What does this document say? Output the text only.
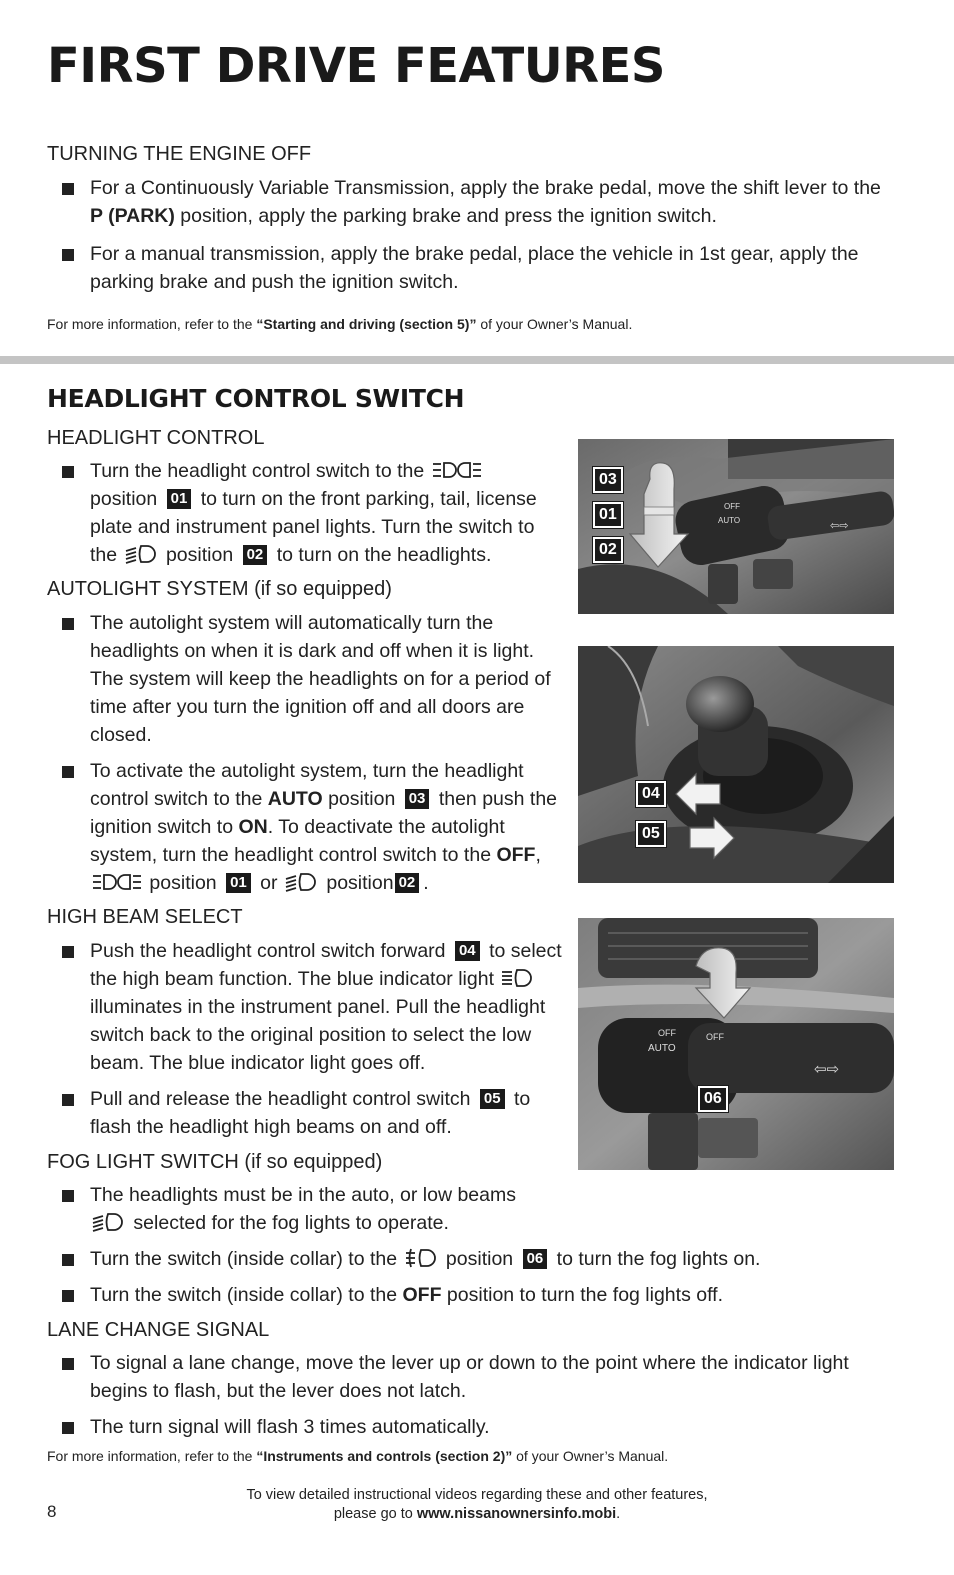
FIRST DRIVE FEATURES
TURNING THE ENGINE OFF
For a Continuously Variable Transmission, apply the brake pedal, move the shift lever to the
P (PARK) position, apply the parking brake and press the ignition switch.
For a manual transmission, apply the brake pedal, place the vehicle in 1st gear, apply the parking brake and push the ignition switch.
For more information, refer to the “Starting and driving (section 5)” of your Owner’s Manual.
HEADLIGHT CONTROL SWITCH
HEADLIGHT CONTROL
Turn the headlight control switch to the
position 01 to turn on the front parking, tail, license plate and instrument panel lights. Turn the switch to the	position 02 to turn on the headlights.
AUTOLIGHT SYSTEM (if so equipped)
The autolight system will automatically turn the headlights on when it is dark and off when it is light. The system will keep the headlights on for a period of time after you turn the ignition off and all doors are closed.
To activate the autolight system, turn the headlight control switch to the AUTO position 03 then push the ignition switch to ON. To deactivate the autolight system, turn the headlight control switch to the OFF,  position 01 or	position 02 .
HIGH BEAM SELECT
Push the headlight control switch forward 04 to select the high beam function. The blue indicator light  illuminates in the instrument panel. Pull the headlight switch back to the original position to select the low beam. The blue indicator light goes off.
Pull and release the headlight control switch 05 to flash the headlight high beams on and off.
FOG LIGHT SWITCH (if so equipped)
The headlights must be in the auto, or low beams
selected for the fog lights to operate.
Turn the switch (inside collar) to the	position 06 to turn the fog lights on.
Turn the switch (inside collar) to the OFF position to turn the fog lights off.
LANE CHANGE SIGNAL
To signal a lane change, move the lever up or down to the point where the indicator light begins to flash, but the lever does not latch.
The turn signal will flash 3 times automatically.
For more information, refer to the “Instruments and controls (section 2)” of your Owner’s Manual.
OFF
AUTO	⇦⇨
03
01
02
04
05
OFF	OFF
AUTO
⇦⇨
06
To view detailed instructional videos regarding these and other features,
please go to www.nissanownersinfo.mobi.
8
